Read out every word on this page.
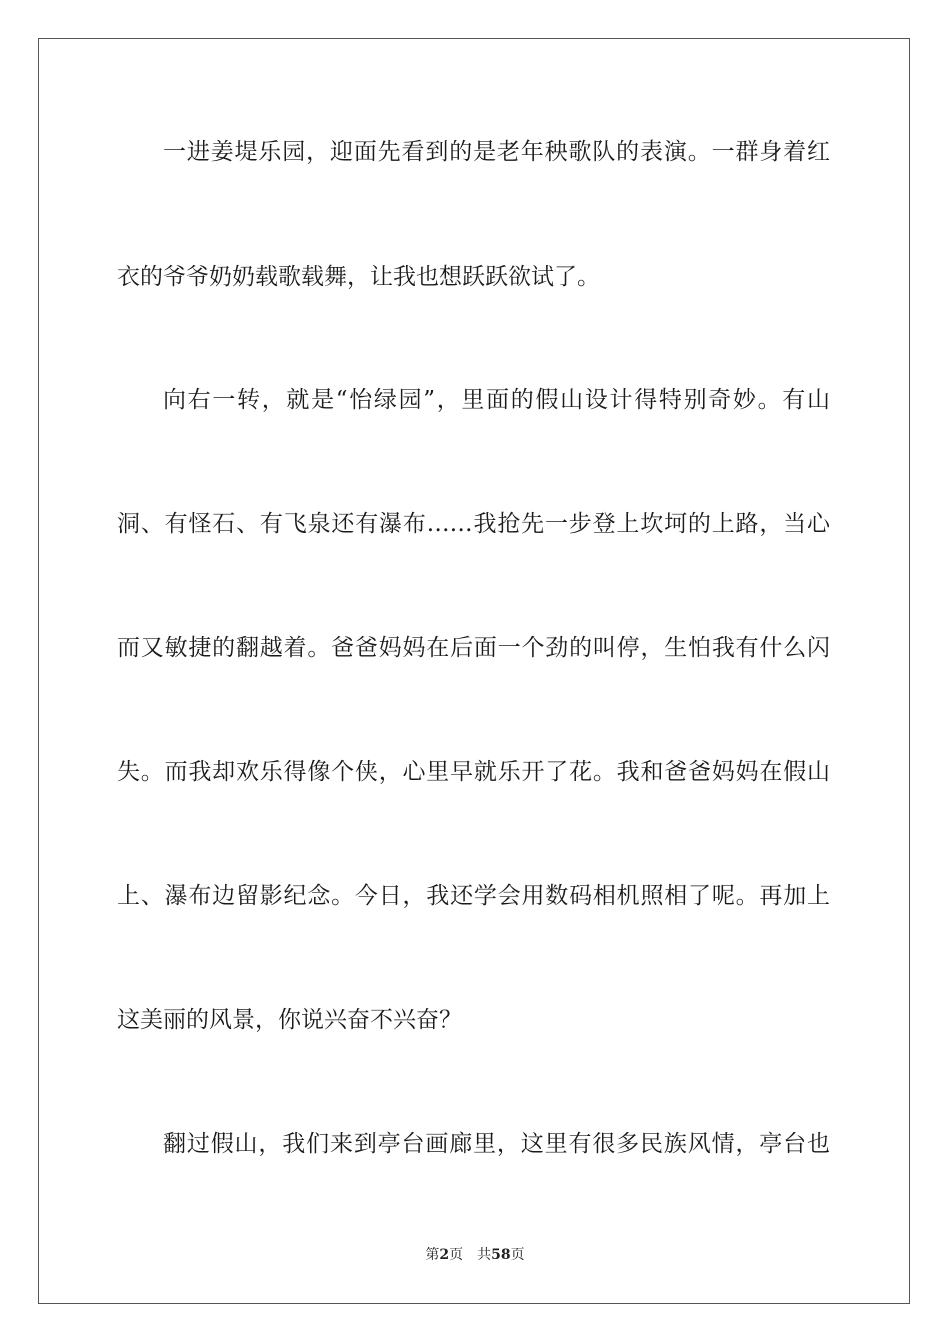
一进姜堤乐园，迎面先看到的是老年秧歌队的表演。一群身着红

衣的爷爷奶奶载歌载舞，让我也想跃跃欲试了。

向右一转，就是“怡绿园”，里面的假山设计得特别奇妙。有山

洞、有怪石、有飞泉还有瀑布……我抢先一步登上坎坷的上路，当心

而又敏捷的翻越着。爸爸妈妈在后面一个劲的叫停，生怕我有什么闪

失。而我却欢乐得像个侠，心里早就乐开了花。我和爸爸妈妈在假山

上、瀑布边留影纪念。今日，我还学会用数码相机照相了呢。再加上

这美丽的风景，你说兴奋不兴奋？

翻过假山，我们来到亭台画廊里，这里有很多民族风情，亭台也

第2页 共58页
